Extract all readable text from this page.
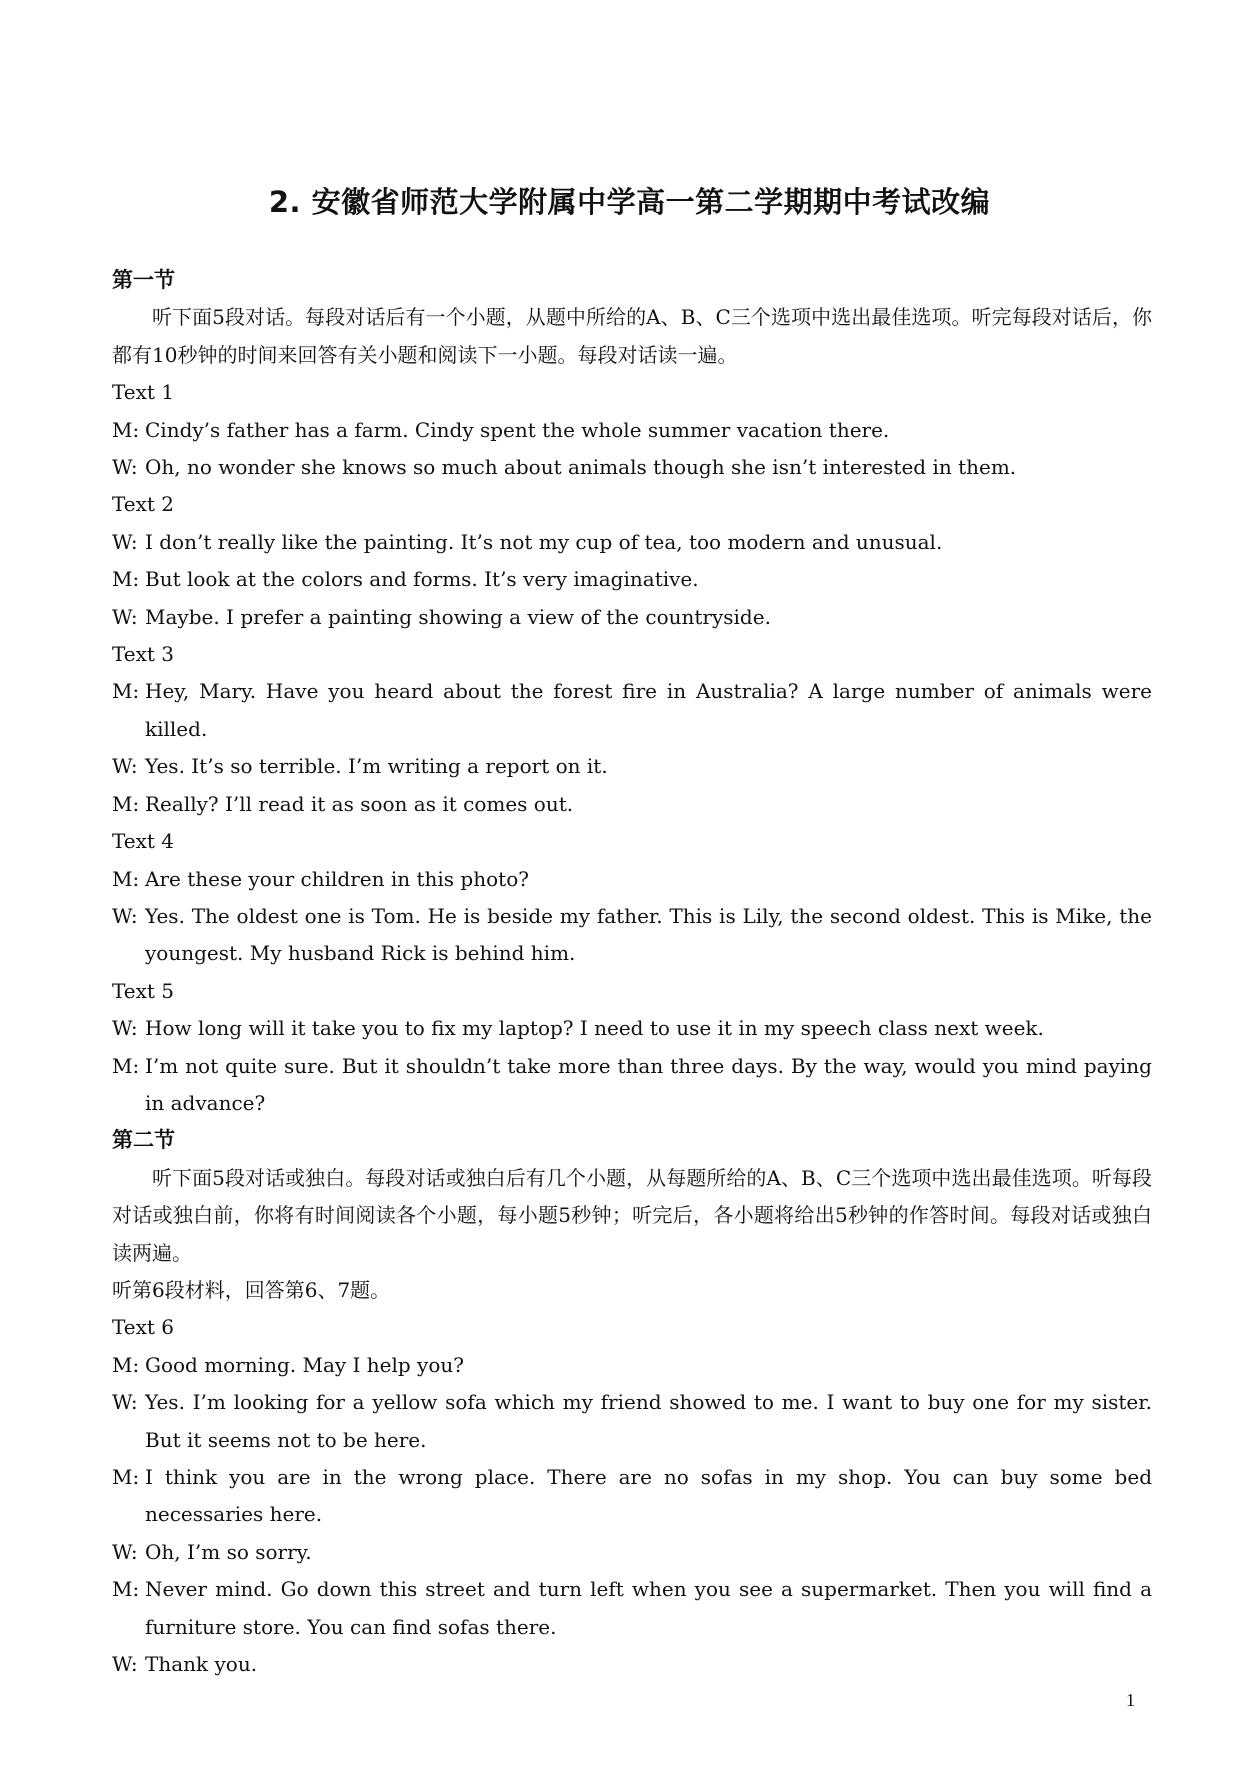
2. 安徽省师范大学附属中学高一第二学期期中考试改编

第一节

听下面5段对话。每段对话后有一个小题，从题中所给的A、B、C三个选项中选出最佳选项。听完每段对话后，你都有10秒钟的时间来回答有关小题和阅读下一小题。每段对话读一遍。

Text 1

M: Cindy’s father has a farm. Cindy spent the whole summer vacation there.

W: Oh, no wonder she knows so much about animals though she isn’t interested in them.

Text 2

W: I don’t really like the painting. It’s not my cup of tea, too modern and unusual.

M: But look at the colors and forms. It’s very imaginative.

W: Maybe. I prefer a painting showing a view of the countryside.

Text 3

M: Hey, Mary. Have you heard about the forest fire in Australia? A large number of animals were killed.

W: Yes. It’s so terrible. I’m writing a report on it.

M: Really? I’ll read it as soon as it comes out.

Text 4

M: Are these your children in this photo?

W: Yes. The oldest one is Tom. He is beside my father. This is Lily, the second oldest. This is Mike, the youngest. My husband Rick is behind him.

Text 5

W: How long will it take you to fix my laptop? I need to use it in my speech class next week.

M: I’m not quite sure. But it shouldn’t take more than three days. By the way, would you mind paying in advance?

第二节

听下面5段对话或独白。每段对话或独白后有几个小题，从每题所给的A、B、C三个选项中选出最佳选项。听每段对话或独白前，你将有时间阅读各个小题，每小题5秒钟；听完后，各小题将给出5秒钟的作答时间。每段对话或独白读两遍。

听第6段材料，回答第6、7题。

Text 6

M: Good morning. May I help you?

W: Yes. I’m looking for a yellow sofa which my friend showed to me. I want to buy one for my sister. But it seems not to be here.

M: I think you are in the wrong place. There are no sofas in my shop. You can buy some bed necessaries here.

W: Oh, I’m so sorry.

M: Never mind. Go down this street and turn left when you see a supermarket. Then you will find a furniture store. You can find sofas there.

W: Thank you.

1
